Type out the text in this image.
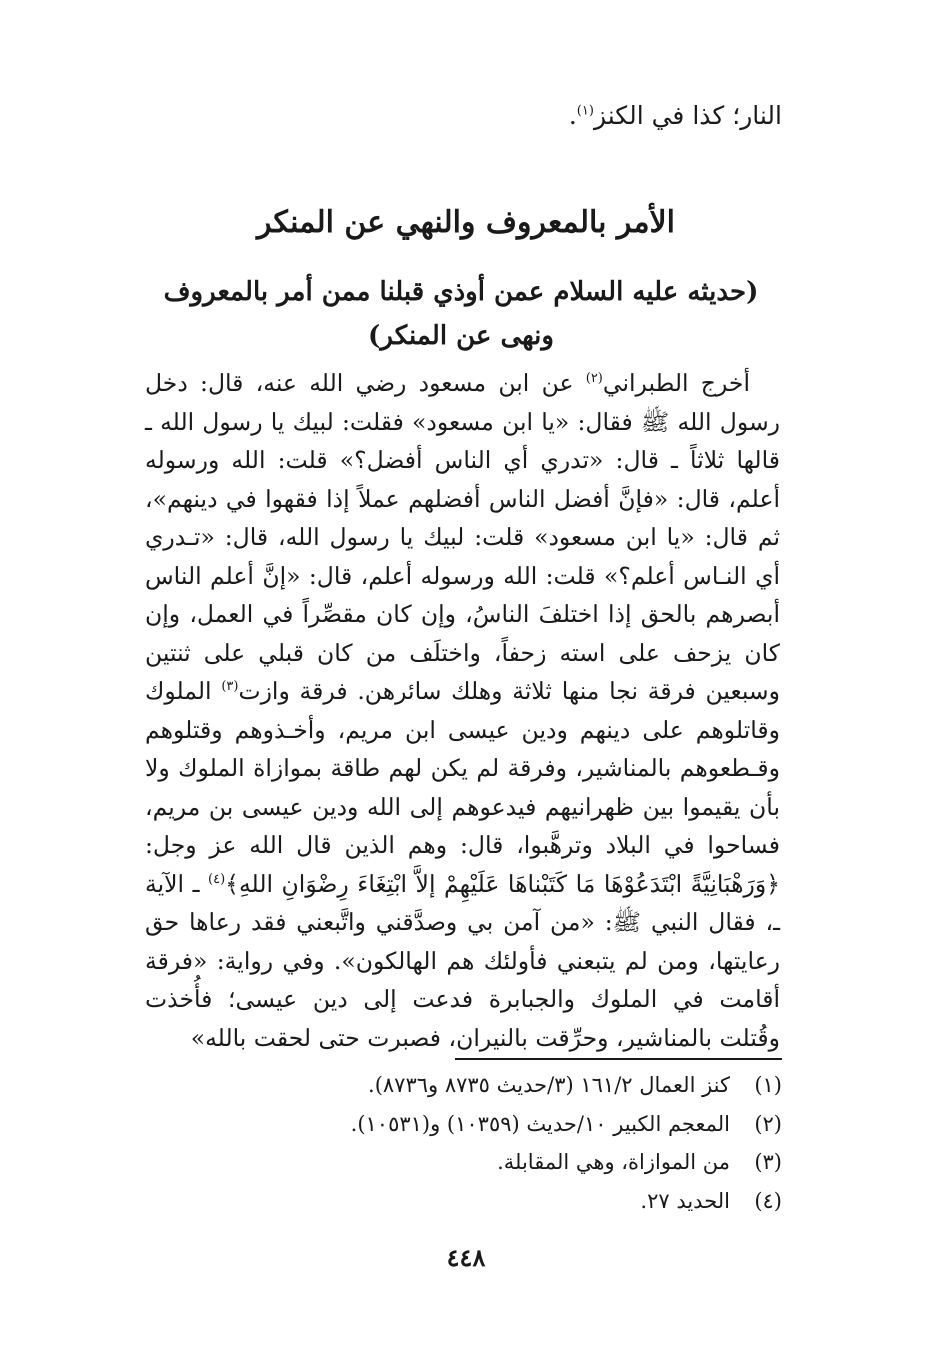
النار؛ كذا في الكنز$^{(١)}$.
الأمر بالمعروف والنهي عن المنكر
(حديثه عليه السلام عمن أوذي قبلنا ممن أمر بالمعروف ونهى عن المنكر)

أخرج الطبراني$^{(٢)}$ عن ابن مسعود رضي الله عنه، قال: دخل رسول الله ﷺ فقال: «يا ابن مسعود» فقلت: لبيك يا رسول الله ـ قالها ثلاثاً ـ قال: «تدري أي الناس أفضل؟» قلت: الله ورسوله أعلم، قال: «فإنَّ أفضل الناس أفضلهم عملاً إذا فقهوا في دينهم»، ثم قال: «يا ابن مسعود» قلت: لبيك يا رسول الله، قال: «تـدري أي النـاس أعلم؟» قلت: الله ورسوله أعلم، قال: «إنَّ أعلم الناس أبصرهم بالحق إذا اختلفَ الناسُ، وإن كان مقصِّراً في العمل، وإن كان يزحف على استه زحفاً، واختلَف من كان قبلي على ثنتين وسبعين فرقة نجا منها ثلاثة وهلك سائرهن. فرقة وازت$^{(٣)}$ الملوك وقاتلوهم على دينهم ودين عيسى ابن مريم، وأخـذوهم وقتلوهم وقـطعوهم بالمناشير، وفرقة لم يكن لهم طاقة بموازاة الملوك ولا بأن يقيموا بين ظهرانيهم فيدعوهم إلى الله ودين عيسى بن مريم، فساحوا في البلاد وترهَّبوا، قال: وهم الذين قال الله عز وجل: ﴿وَرَهْبَانِيَّةً ابْتَدَعُوْهَا مَا كَتَبْناهَا عَلَيْهِمْ إلاَّ ابْتِغَاءَ رِضْوَانِ اللهِ﴾$^{(٤)}$ ـ الآية ـ، فقال النبي ﷺ: «من آمن بي وصدَّقني واتَّبعني فقد رعاها حق رعايتها، ومن لم يتبعني فأولئك هم الهالكون». وفي رواية: «فرقة أقامت في الملوك والجبابرة فدعت إلى دين عيسى؛ فأُخذت وقُتلت بالمناشير، وحرِّقت بالنيران، فصبرت حتى لحقت بالله»

(١)
كنز العمال ١٦١/٢ (٣/حديث ٨٧٣٥ و٨٧٣٦).
(٢)
المعجم الكبير ١٠/حديث (١٠٣٥٩) و(١٠٥٣١).
(٣)
من الموازاة، وهي المقابلة.
(٤)
الحديد ٢٧.
٤٤٨
